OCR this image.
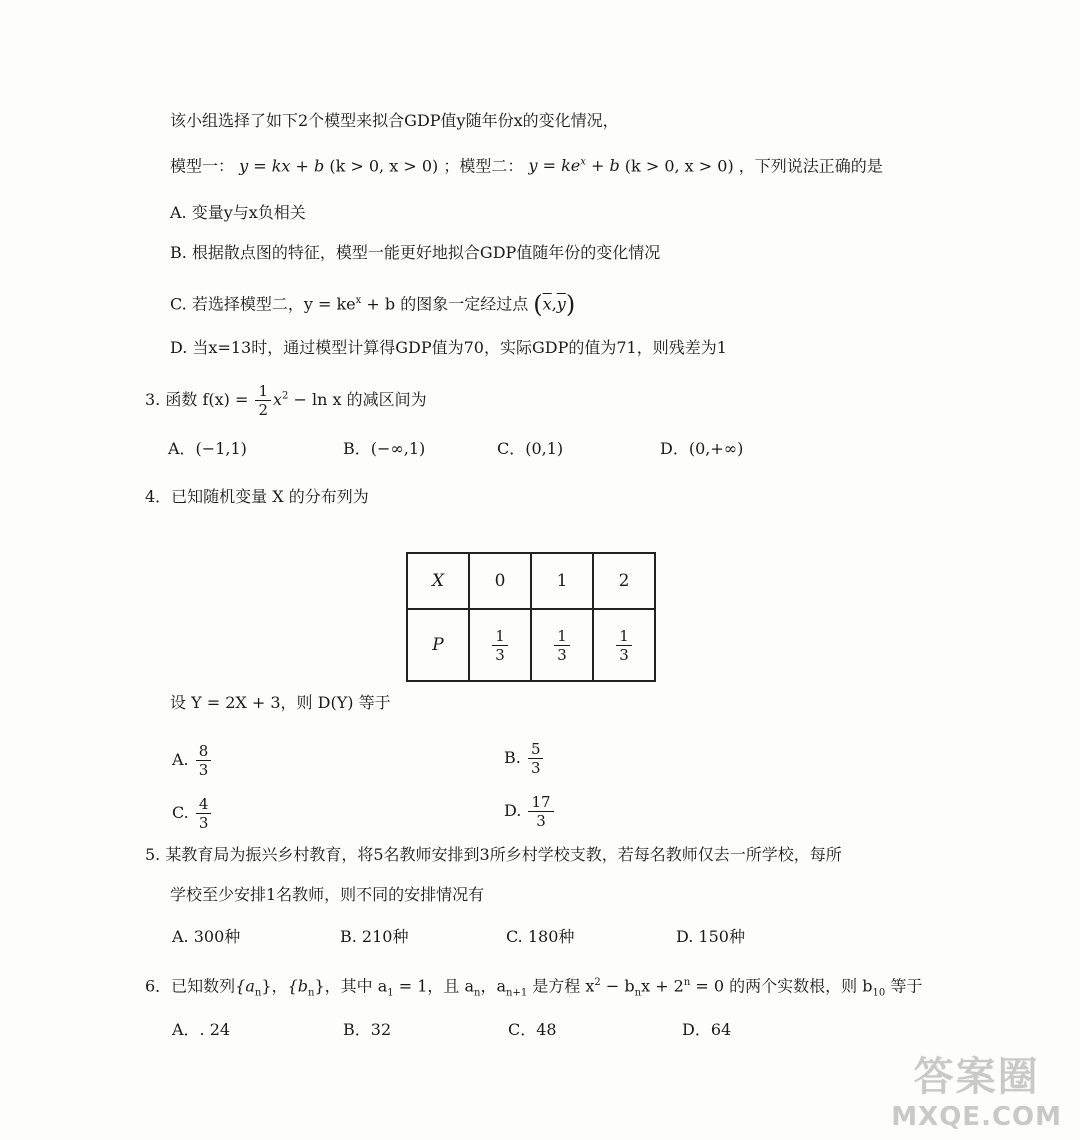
该小组选择了如下2个模型来拟合GDP值y随年份x的变化情况，
模型一： y = kx + b (k > 0, x > 0) ；模型二： $y = ke^x + b$ (k > 0, x > 0) ，下列说法正确的是
A. 变量y与x负相关
B. 根据散点图的特征，模型一能更好地拟合GDP值随年份的变化情况
C. 若选择模型二，$y = ke^x + b$ 的图象一定经过点 $(\overline{x},\overline{y})$
D. 当x=13时，通过模型计算得GDP值为70，实际GDP的值为71，则残差为1
3. 函数 $f(x) = \frac{1}{2} x^2 - \ln x$ 的减区间为
A．(−1,1)	B．(−∞,1)	C．(0,1)	D．(0,+∞)
4．已知随机变量 X 的分布列为
X	0	1	2
P	$\frac{1}{3}$	$\frac{1}{3}$	$\frac{1}{3}$
设 Y = 2X + 3，则 D(Y) 等于
A. $\frac{8}{3}$	B. $\frac{5}{3}$
C. $\frac{4}{3}$	D. $\frac{17}{3}$
5. 某教育局为振兴乡村教育，将5名教师安排到3所乡村学校支教，若每名教师仅去一所学校，每所
学校至少安排1名教师，则不同的安排情况有
A. 300种	B. 210种	C. 180种	D. 150种
6．已知数列$\{a_n\}$，$\{b_n\}$，其中 $a_1 = 1$，且 $a_n$，$a_{n+1}$ 是方程 $x^2 - b_nx + 2^n = 0$ 的两个实数根，则 $b_{10}$ 等于
A．. 24	B．32	C．48	D．64
答案圈
MXQE.COM
